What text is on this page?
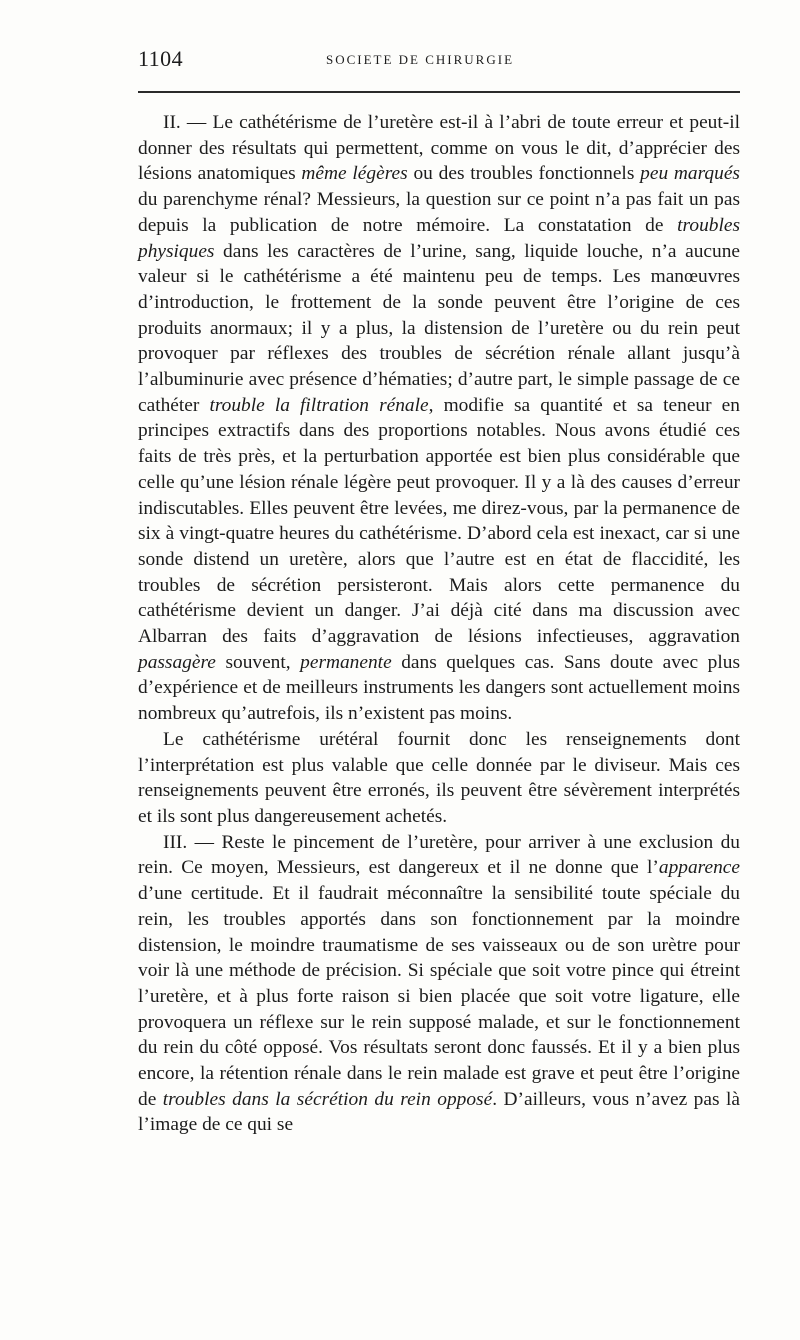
1104	SOCIETE DE CHIRURGIE

II. — Le cathétérisme de l’uretère est-il à l’abri de toute erreur et peut-il donner des résultats qui permettent, comme on vous le dit, d’apprécier des lésions anatomiques même légères ou des troubles fonctionnels peu marqués du parenchyme rénal? Messieurs, la question sur ce point n’a pas fait un pas depuis la publication de notre mémoire. La constatation de troubles physiques dans les caractères de l’urine, sang, liquide louche, n’a aucune valeur si le cathétérisme a été maintenu peu de temps. Les manœuvres d’introduction, le frottement de la sonde peuvent être l’origine de ces produits anormaux; il y a plus, la distension de l’uretère ou du rein peut provoquer par réflexes des troubles de sécrétion rénale allant jusqu’à l’albuminurie avec présence d’hématies; d’autre part, le simple passage de ce cathéter trouble la filtration rénale, modifie sa quantité et sa teneur en principes extractifs dans des proportions notables. Nous avons étudié ces faits de très près, et la perturbation apportée est bien plus considérable que celle qu’une lésion rénale légère peut provoquer. Il y a là des causes d’erreur indiscutables. Elles peuvent être levées, me direz-vous, par la permanence de six à vingt-quatre heures du cathétérisme. D’abord cela est inexact, car si une sonde distend un uretère, alors que l’autre est en état de flaccidité, les troubles de sécrétion persisteront. Mais alors cette permanence du cathétérisme devient un danger. J’ai déjà cité dans ma discussion avec Albarran des faits d’aggravation de lésions infectieuses, aggravation passagère souvent, permanente dans quelques cas. Sans doute avec plus d’expérience et de meilleurs instruments les dangers sont actuellement moins nombreux qu’autrefois, ils n’existent pas moins.

Le cathétérisme urétéral fournit donc les renseignements dont l’interprétation est plus valable que celle donnée par le diviseur. Mais ces renseignements peuvent être erronés, ils peuvent être sévèrement interprétés et ils sont plus dangereusement achetés.

III. — Reste le pincement de l’uretère, pour arriver à une exclusion du rein. Ce moyen, Messieurs, est dangereux et il ne donne que l’apparence d’une certitude. Et il faudrait méconnaître la sensibilité toute spéciale du rein, les troubles apportés dans son fonctionnement par la moindre distension, le moindre traumatisme de ses vaisseaux ou de son urètre pour voir là une méthode de précision. Si spéciale que soit votre pince qui étreint l’uretère, et à plus forte raison si bien placée que soit votre ligature, elle provoquera un réflexe sur le rein supposé malade, et sur le fonctionnement du rein du côté opposé. Vos résultats seront donc faussés. Et il y a bien plus encore, la rétention rénale dans le rein malade est grave et peut être l’origine de troubles dans la sécrétion du rein opposé. D’ailleurs, vous n’avez pas là l’image de ce qui se
